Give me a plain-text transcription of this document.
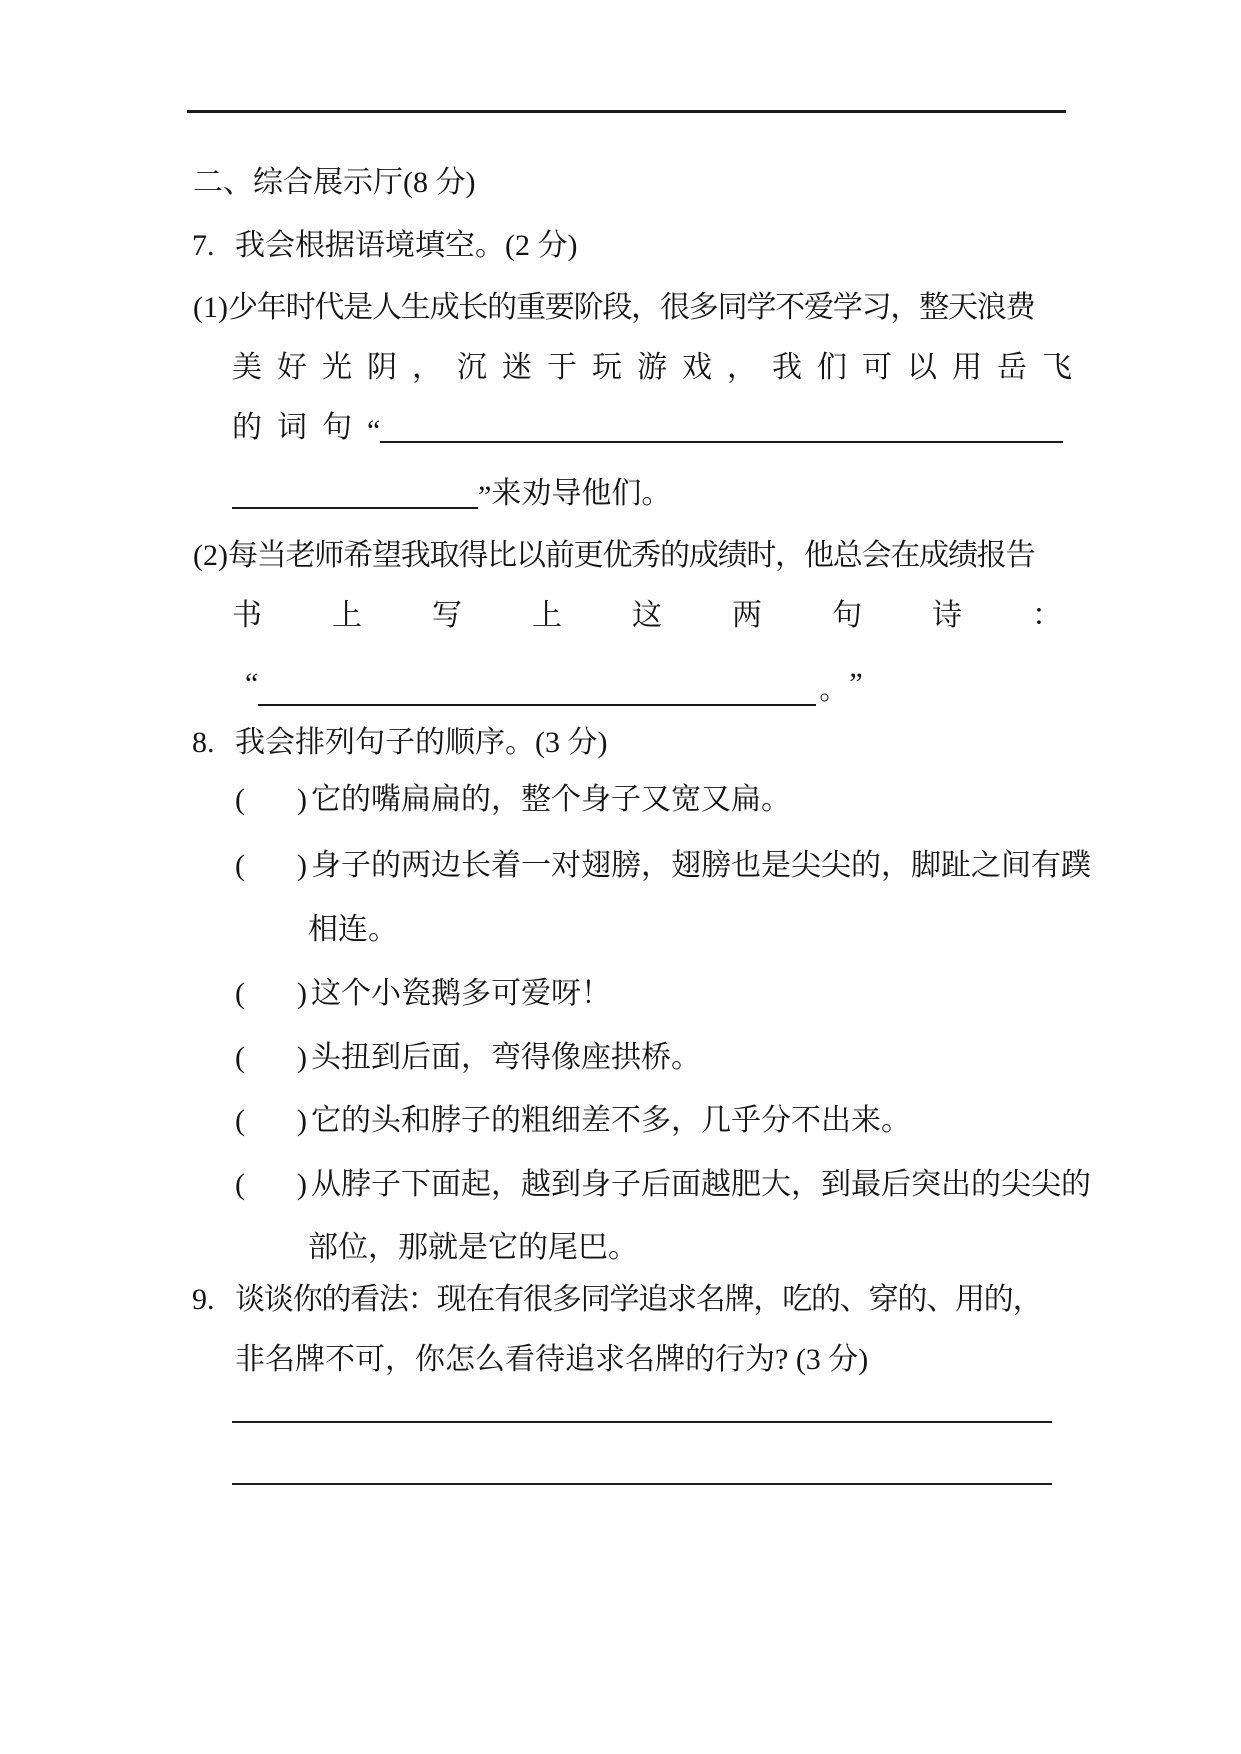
二、综合展示厅(8 分)
7. 我会根据语境填空。(2 分)
(1)少年时代是人生成长的重要阶段，很多同学不爱学习，整天浪费
美好光阴，沉迷于玩游戏，我们可以用岳飞
的词句 “
” 来劝导他们。
(2)每当老师希望我取得比以前更优秀的成绩时，他总会在成绩报告
书上写上这两句诗：
“	。 ”
8. 我会排列句子的顺序。(3 分)
( ) 它的嘴扁扁的，整个身子又宽又扁。
( ) 身子的两边长着一对翅膀，翅膀也是尖尖的，脚趾之间有蹼
相连。
( ) 这个小瓷鹅多可爱呀！
( ) 头扭到后面，弯得像座拱桥。
( ) 它的头和脖子的粗细差不多，几乎分不出来。
( ) 从脖子下面起，越到身子后面越肥大，到最后突出的尖尖的
部位，那就是它的尾巴。
9. 谈谈你的看法：现在有很多同学追求名牌，吃的、穿的、用的，
非名牌不可，你怎么看待追求名牌的行为? (3 分)
